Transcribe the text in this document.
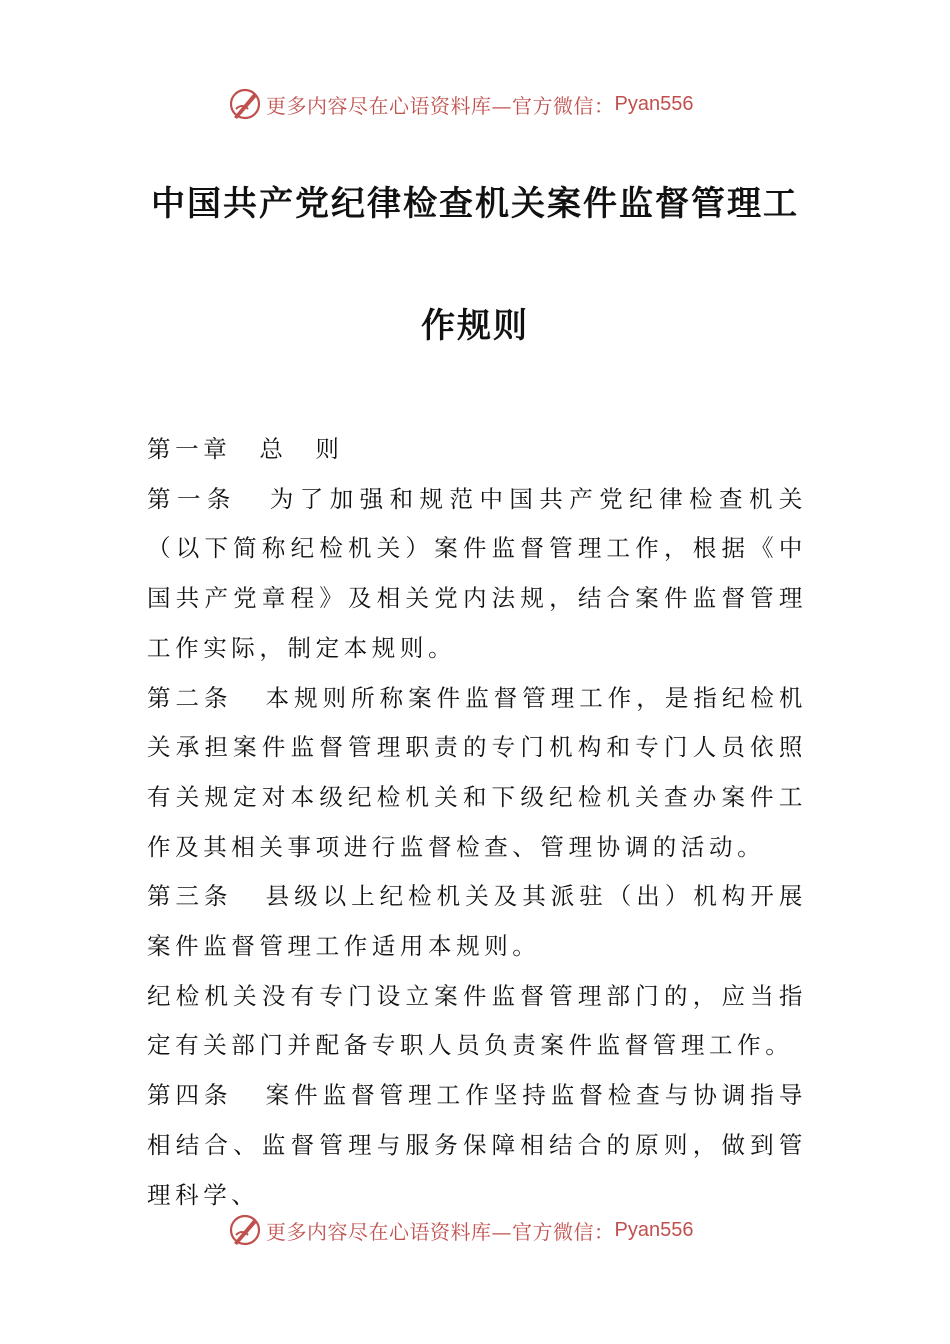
更多内容尽在心语资料库—官方微信： Pyan556
中国共产党纪律检查机关案件监督管理工
作规则

第一章 总 则

第一条 为了加强和规范中国共产党纪律检查机关（以下简称纪检机关）案件监督管理工作，根据《中国共产党章程》及相关党内法规，结合案件监督管理工作实际，制定本规则。

第二条 本规则所称案件监督管理工作，是指纪检机关承担案件监督管理职责的专门机构和专门人员依照有关规定对本级纪检机关和下级纪检机关查办案件工作及其相关事项进行监督检查、管理协调的活动。

第三条 县级以上纪检机关及其派驻（出）机构开展案件监督管理工作适用本规则。

纪检机关没有专门设立案件监督管理部门的，应当指定有关部门并配备专职人员负责案件监督管理工作。

第四条 案件监督管理工作坚持监督检查与协调指导相结合、监督管理与服务保障相结合的原则，做到管理科学、

更多内容尽在心语资料库—官方微信： Pyan556
